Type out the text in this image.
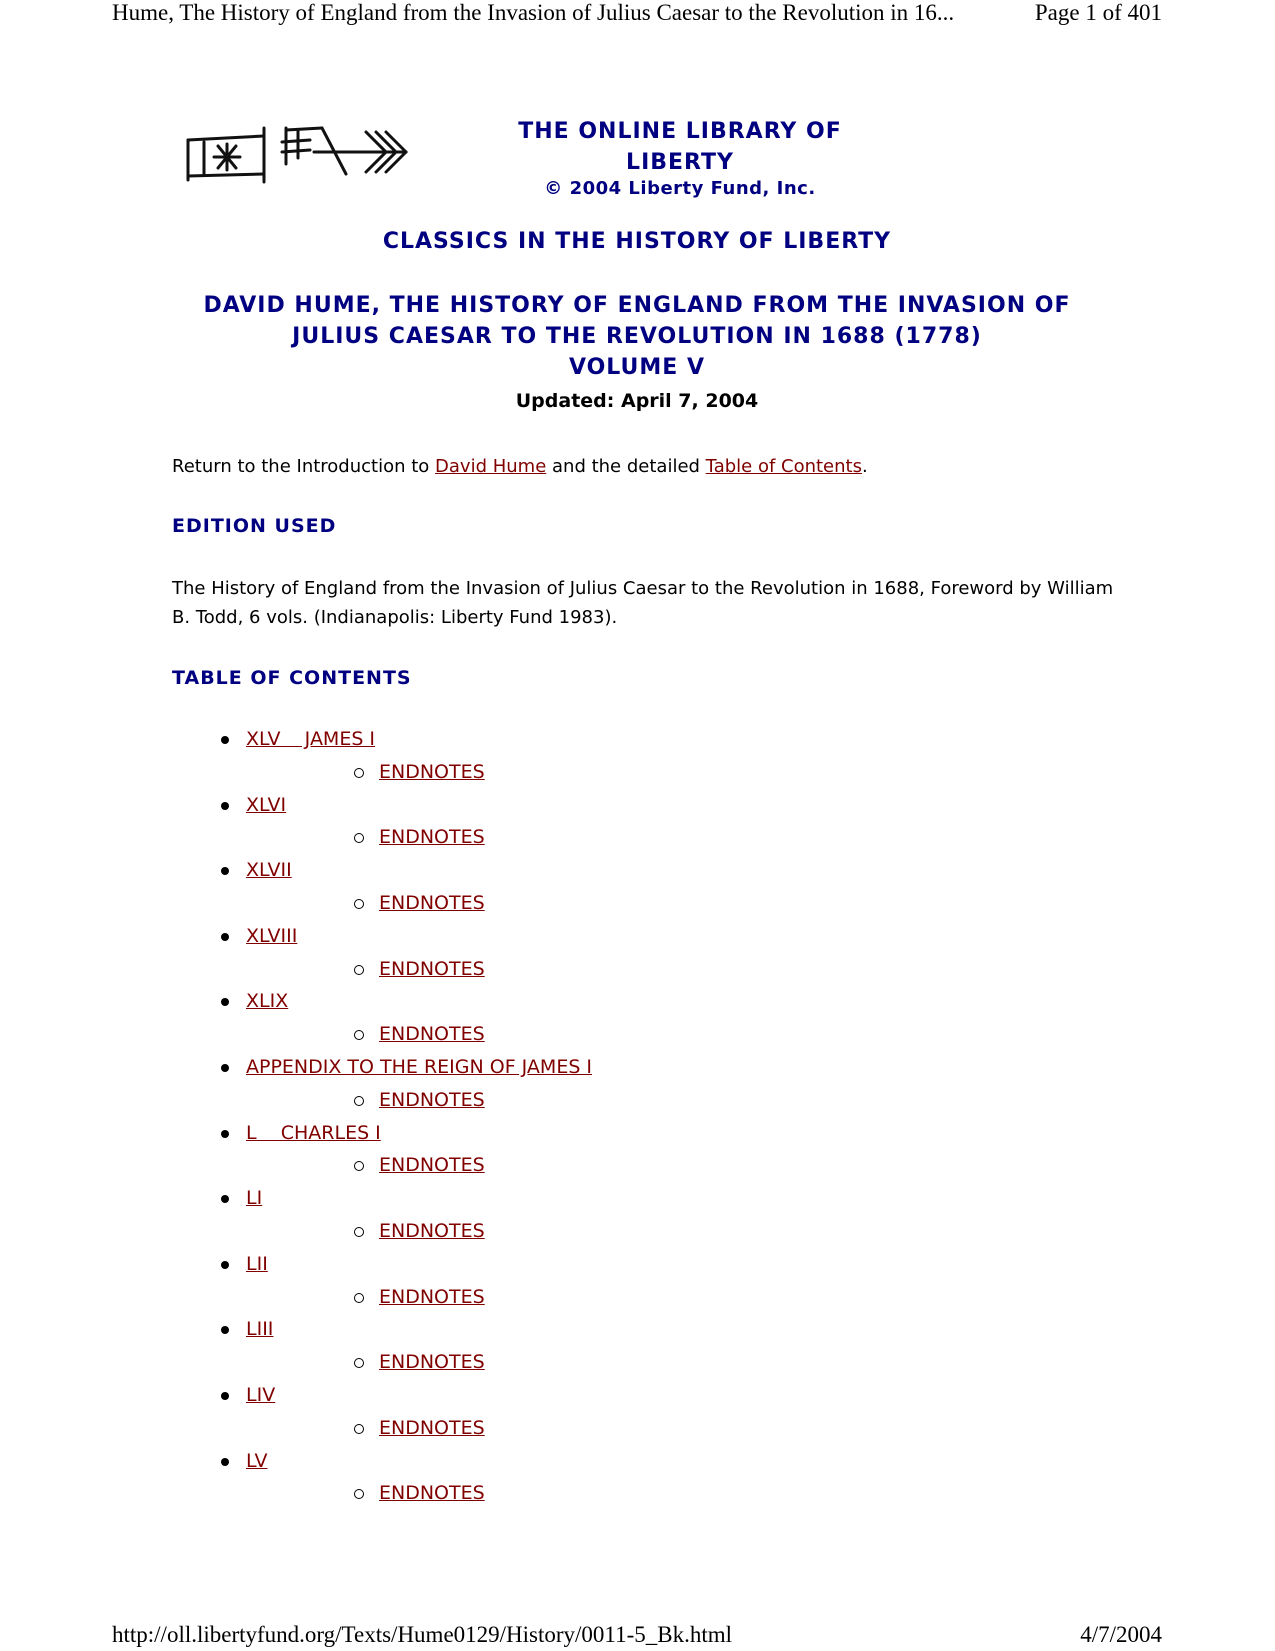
Hume, The History of England from the Invasion of Julius Caesar to the Revolution in 16...	Page 1 of 401
THE ONLINE LIBRARY OF
LIBERTY
© 2004 Liberty Fund, Inc.
CLASSICS IN THE HISTORY OF LIBERTY
DAVID HUME, THE HISTORY OF ENGLAND FROM THE INVASION OF
JULIUS CAESAR TO THE REVOLUTION IN 1688 (1778)
VOLUME V
Updated: April 7, 2004
Return to the Introduction to David Hume and the detailed Table of Contents.
EDITION USED
The History of England from the Invasion of Julius Caesar to the Revolution in 1688, Foreword by William B. Todd, 6 vols. (Indianapolis: Liberty Fund 1983).
TABLE OF CONTENTS
XLV    JAMES I
ENDNOTES
XLVI
ENDNOTES
XLVII
ENDNOTES
XLVIII
ENDNOTES
XLIX
ENDNOTES
APPENDIX TO THE REIGN OF JAMES I
ENDNOTES
L    CHARLES I
ENDNOTES
LI
ENDNOTES
LII
ENDNOTES
LIII
ENDNOTES
LIV
ENDNOTES
LV
ENDNOTES
http://oll.libertyfund.org/Texts/Hume0129/History/0011-5_Bk.html	4/7/2004
